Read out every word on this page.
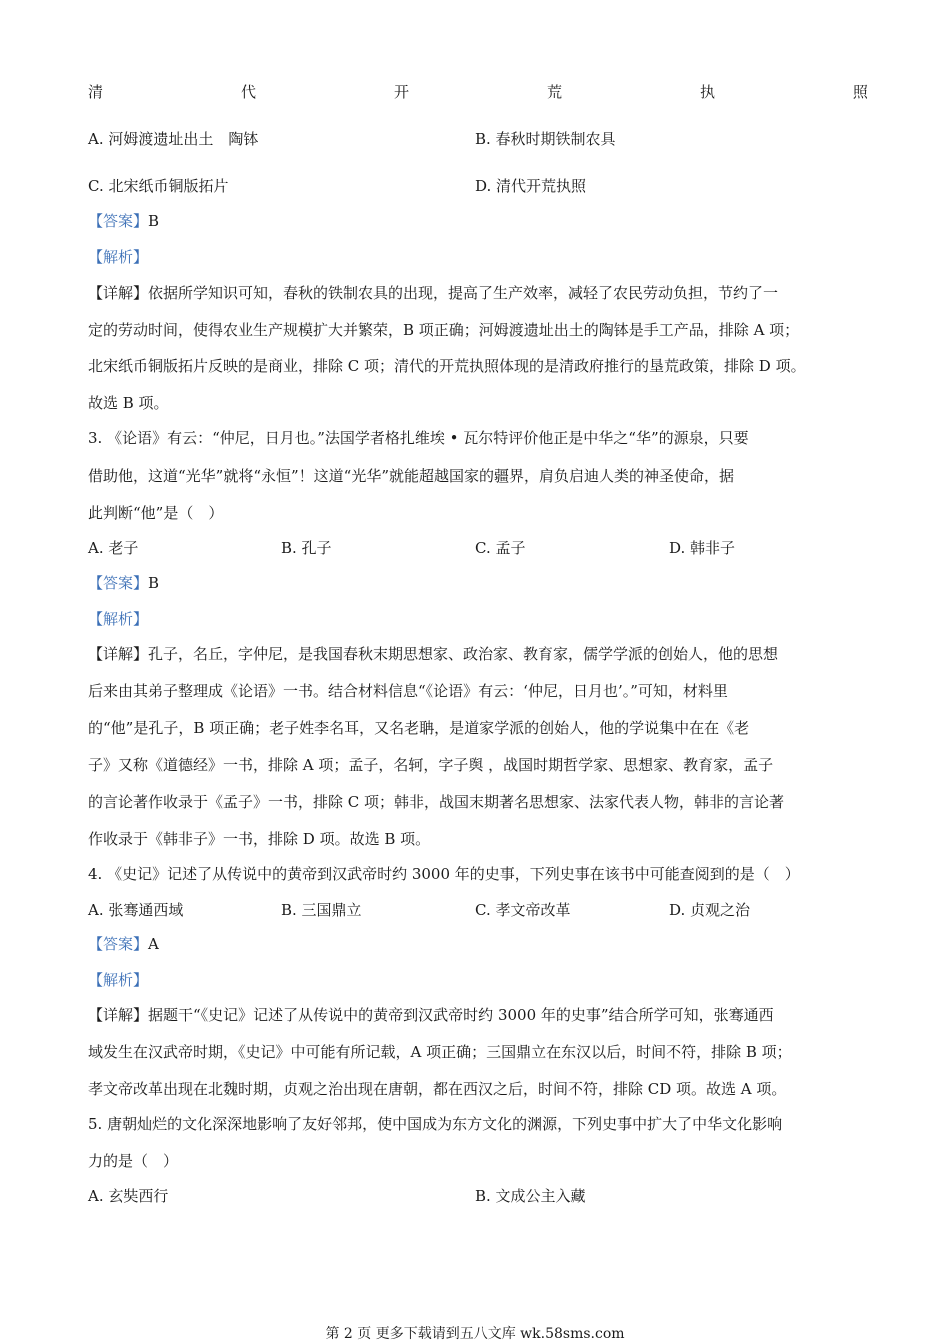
清	代	开	荒	执	照
A. 河姆渡遗址出土　陶钵	B. 春秋时期铁制农具
C. 北宋纸币铜版拓片	D. 清代开荒执照
【答案】B
【解析】
【详解】依据所学知识可知，春秋的铁制农具的出现，提高了生产效率，减轻了农民劳动负担，节约了一
定的劳动时间，使得农业生产规模扩大并繁荣，B 项正确；河姆渡遗址出土的陶钵是手工产品，排除 A 项；
北宋纸币铜版拓片反映的是商业，排除 C 项；清代的开荒执照体现的是清政府推行的垦荒政策，排除 D 项。
故选 B 项。
3. 《论语》有云：“仲尼，日月也。”法国学者格扎维埃 • 瓦尔特评价他正是中华之“华”的源泉，只要
借助他，这道“光华”就将“永恒”！这道“光华”就能超越国家的疆界，肩负启迪人类的神圣使命，据
此判断“他”是（　）
A. 老子	B. 孔子	C. 孟子	D. 韩非子
【答案】B
【解析】
【详解】孔子，名丘，字仲尼，是我国春秋末期思想家、政治家、教育家，儒学学派的创始人，他的思想
后来由其弟子整理成《论语》一书。结合材料信息“《论语》有云：‘仲尼，日月也’。”可知，材料里
的“他”是孔子，B 项正确；老子姓李名耳，又名老聃，是道家学派的创始人，他的学说集中在在《老
子》又称《道德经》一书，排除 A 项；孟子，名轲，字子舆 ，战国时期哲学家、思想家、教育家，孟子
的言论著作收录于《孟子》一书，排除 C 项；韩非，战国末期著名思想家、法家代表人物，韩非的言论著
作收录于《韩非子》一书，排除 D 项。故选 B 项。
4. 《史记》记述了从传说中的黄帝到汉武帝时约 3000 年的史事，下列史事在该书中可能查阅到的是（　）
A. 张骞通西域	B. 三国鼎立	C. 孝文帝改革	D. 贞观之治
【答案】A
【解析】
【详解】据题干“《史记》记述了从传说中的黄帝到汉武帝时约 3000 年的史事”结合所学可知，张骞通西
域发生在汉武帝时期，《史记》中可能有所记载，A 项正确；三国鼎立在东汉以后，时间不符，排除 B 项；
孝文帝改革出现在北魏时期，贞观之治出现在唐朝，都在西汉之后，时间不符，排除 CD 项。故选 A 项。
5. 唐朝灿烂的文化深深地影响了友好邻邦，使中国成为东方文化的渊源，下列史事中扩大了中华文化影响
力的是（　）
A. 玄奘西行	B. 文成公主入藏
第 2 页 更多下载请到五八文库 wk.58sms.com
